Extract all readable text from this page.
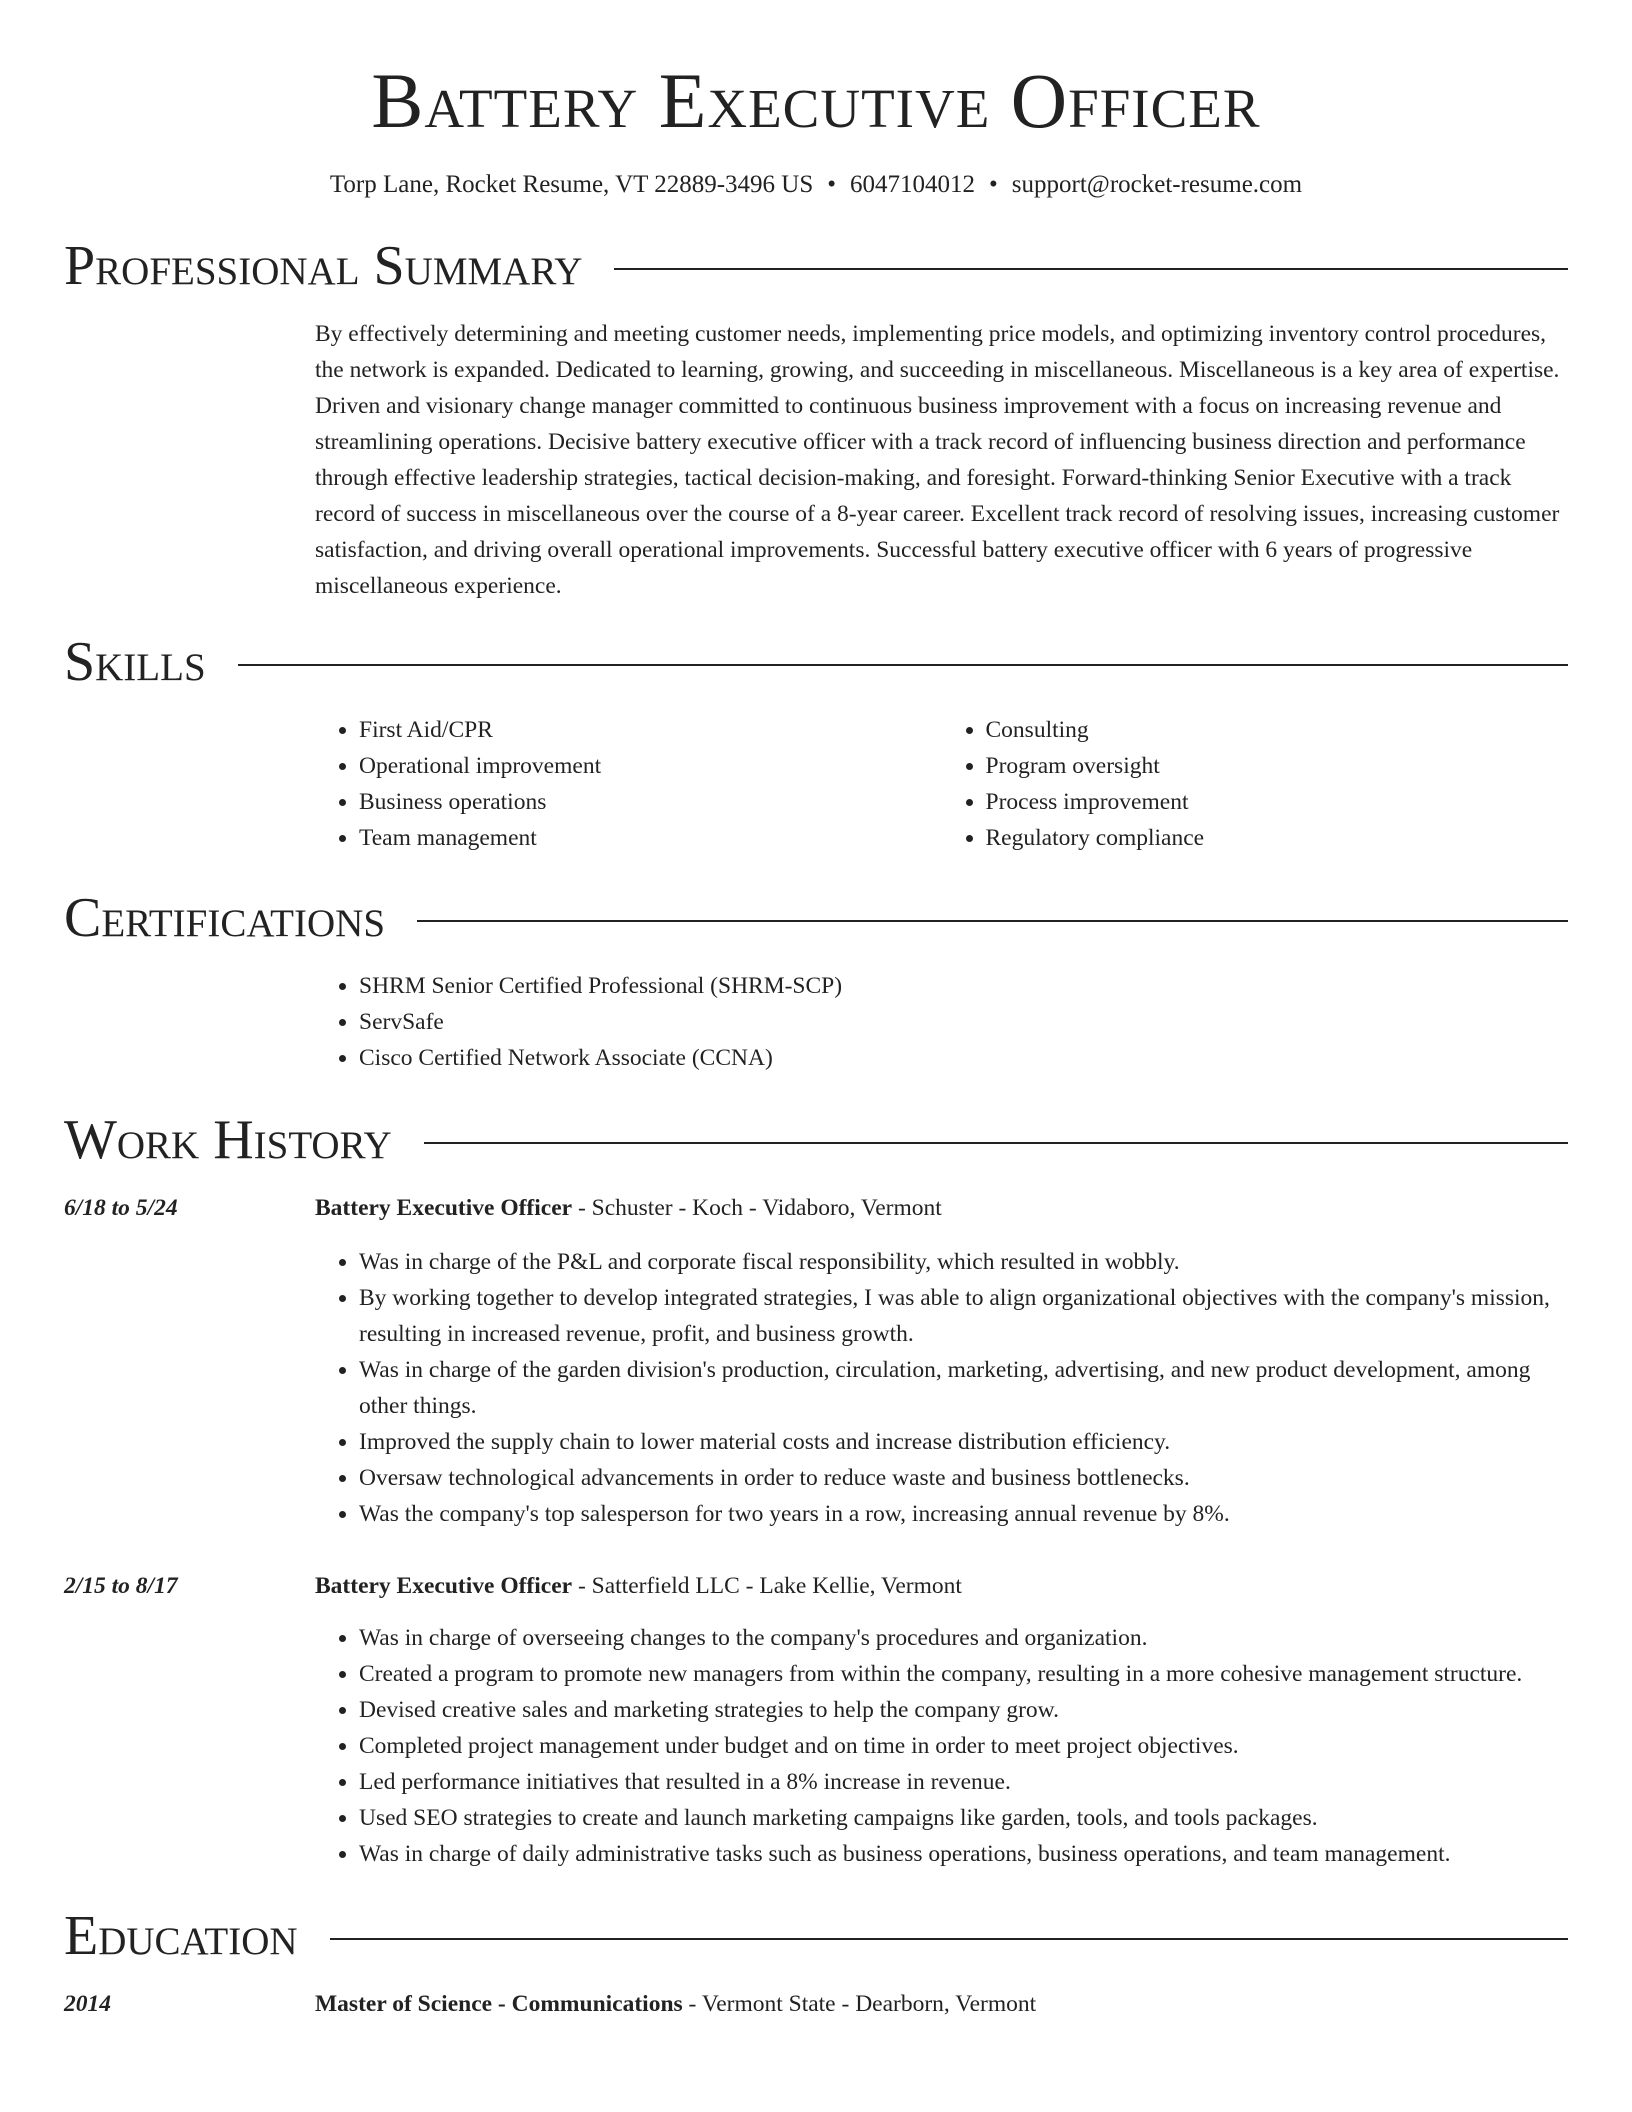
Battery Executive Officer
Torp Lane, Rocket Resume, VT 22889-3496 US • 6047104012 • support@rocket-resume.com
Professional Summary
By effectively determining and meeting customer needs, implementing price models, and optimizing inventory control procedures, the network is expanded. Dedicated to learning, growing, and succeeding in miscellaneous. Miscellaneous is a key area of expertise. Driven and visionary change manager committed to continuous business improvement with a focus on increasing revenue and streamlining operations. Decisive battery executive officer with a track record of influencing business direction and performance through effective leadership strategies, tactical decision-making, and foresight. Forward-thinking Senior Executive with a track record of success in miscellaneous over the course of a 8-year career. Excellent track record of resolving issues, increasing customer satisfaction, and driving overall operational improvements. Successful battery executive officer with 6 years of progressive miscellaneous experience.
Skills
• First Aid/CPR
• Operational improvement
• Business operations
• Team management
• Consulting
• Program oversight
• Process improvement
• Regulatory compliance
Certifications
• SHRM Senior Certified Professional (SHRM-SCP)
• ServSafe
• Cisco Certified Network Associate (CCNA)
Work History
6/18 to 5/24	Battery Executive Officer - Schuster - Koch - Vidaboro, Vermont
• Was in charge of the P&L and corporate fiscal responsibility, which resulted in wobbly.
• By working together to develop integrated strategies, I was able to align organizational objectives with the company's mission, resulting in increased revenue, profit, and business growth.
• Was in charge of the garden division's production, circulation, marketing, advertising, and new product development, among other things.
• Improved the supply chain to lower material costs and increase distribution efficiency.
• Oversaw technological advancements in order to reduce waste and business bottlenecks.
• Was the company's top salesperson for two years in a row, increasing annual revenue by 8%.
2/15 to 8/17	Battery Executive Officer - Satterfield LLC - Lake Kellie, Vermont
• Was in charge of overseeing changes to the company's procedures and organization.
• Created a program to promote new managers from within the company, resulting in a more cohesive management structure.
• Devised creative sales and marketing strategies to help the company grow.
• Completed project management under budget and on time in order to meet project objectives.
• Led performance initiatives that resulted in a 8% increase in revenue.
• Used SEO strategies to create and launch marketing campaigns like garden, tools, and tools packages.
• Was in charge of daily administrative tasks such as business operations, business operations, and team management.
Education
2014	Master of Science - Communications - Vermont State - Dearborn, Vermont
